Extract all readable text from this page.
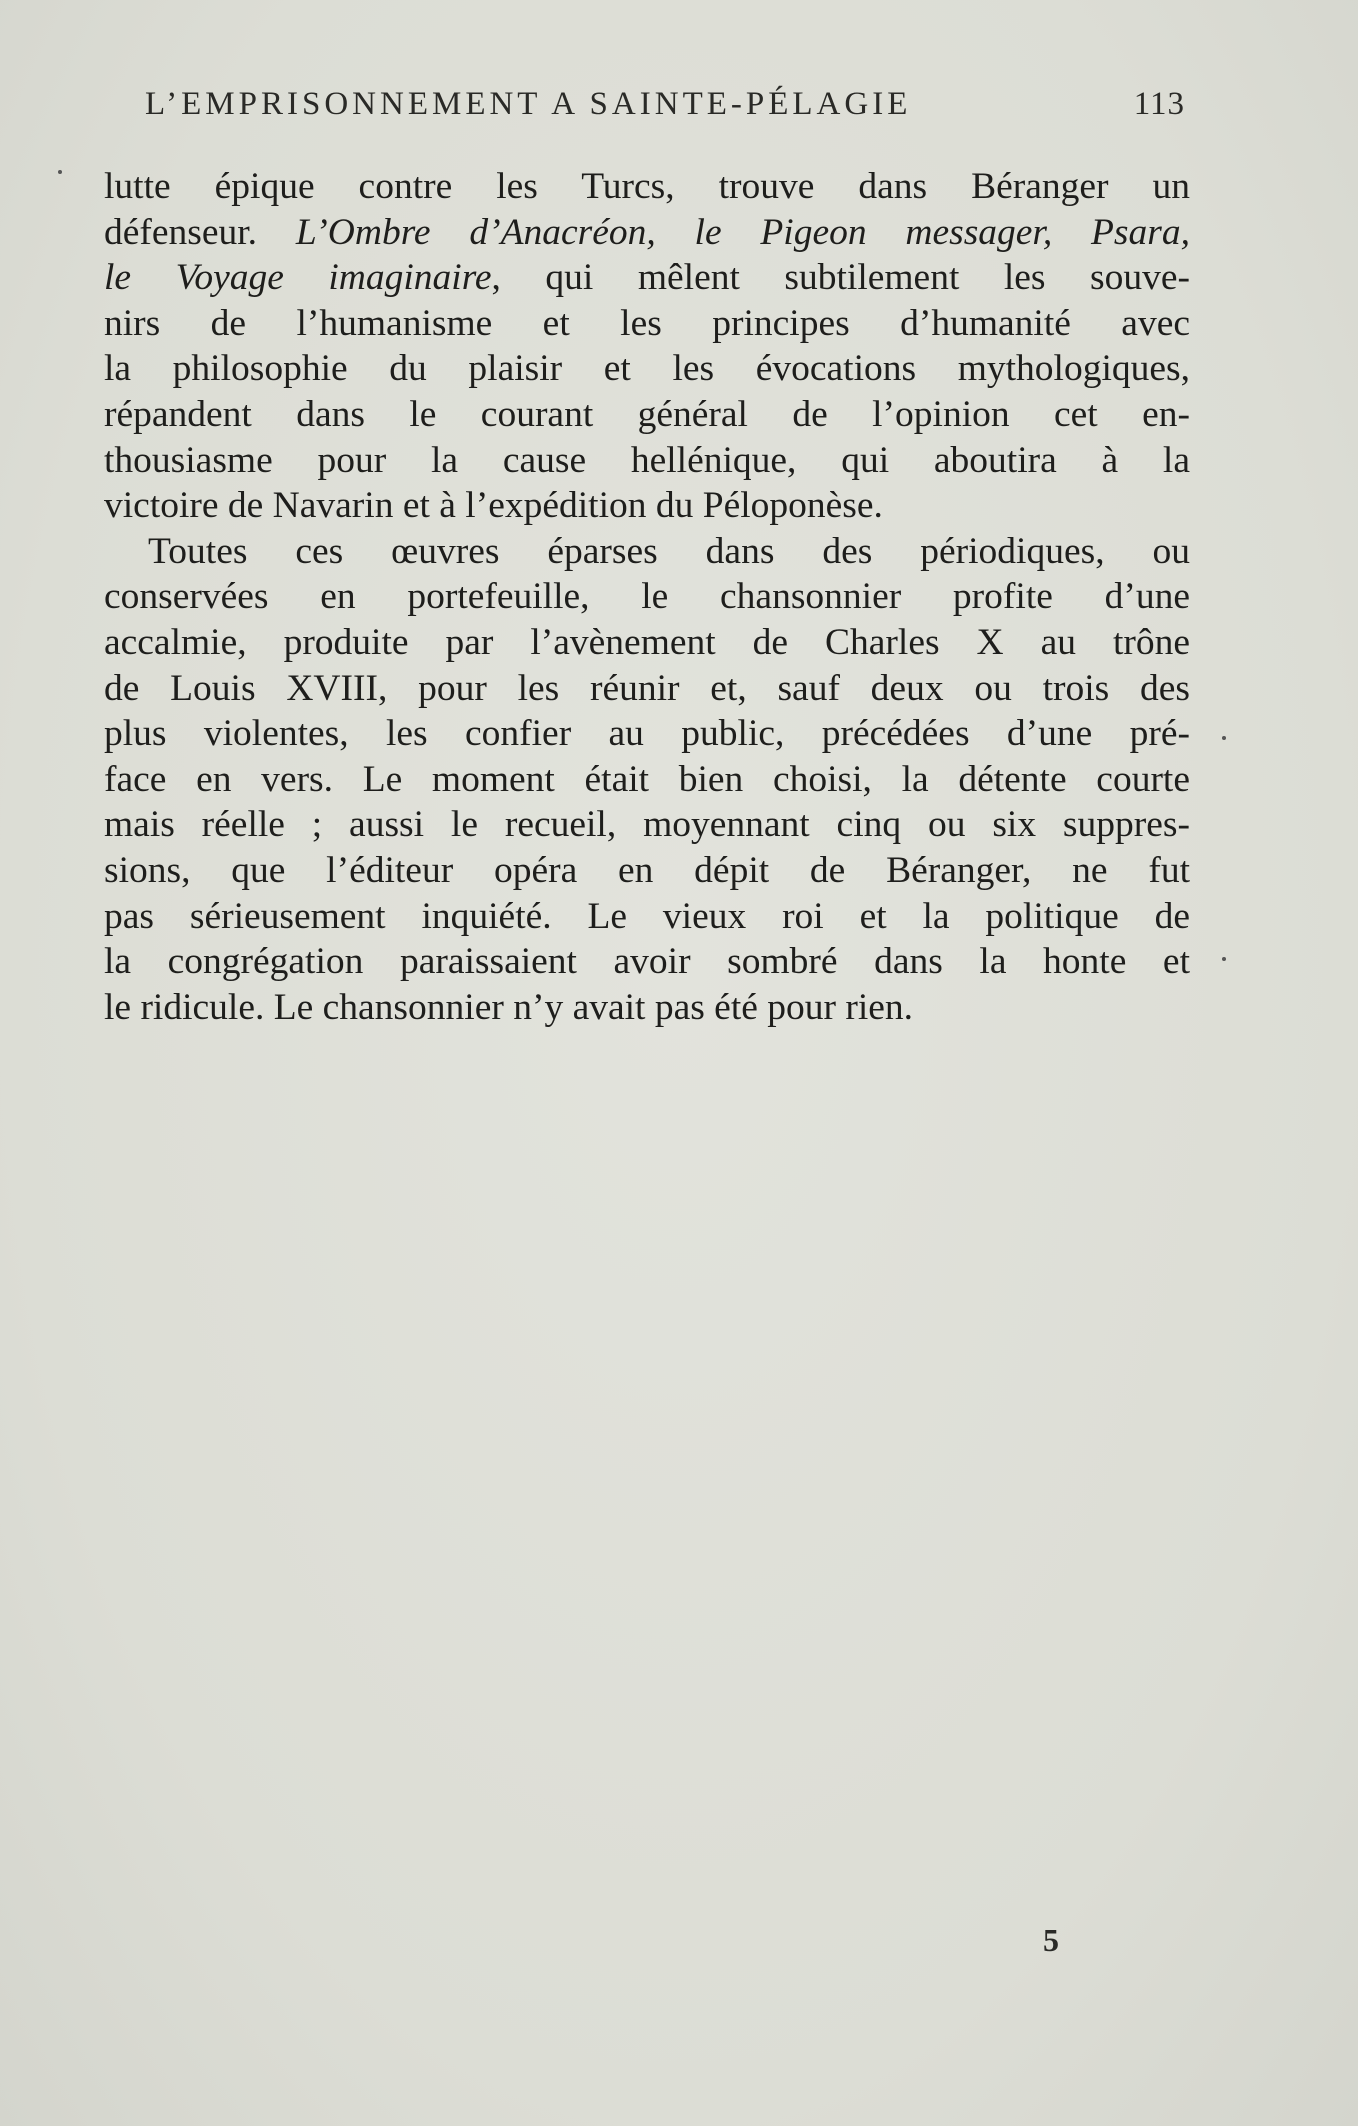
L’EMPRISONNEMENT A SAINTE-PÉLAGIE	113
lutte épique contre les Turcs, trouve dans Béranger un
défenseur. L’Ombre d’Anacréon, le Pigeon messager, Psara,
le Voyage imaginaire, qui mêlent subtilement les souve-
nirs de l’humanisme et les principes d’humanité avec
la philosophie du plaisir et les évocations mythologiques,
répandent dans le courant général de l’opinion cet en-
thousiasme pour la cause hellénique, qui aboutira à la
victoire de Navarin et à l’expédition du Péloponèse.
Toutes ces œuvres éparses dans des périodiques, ou
conservées en portefeuille, le chansonnier profite d’une
accalmie, produite par l’avènement de Charles X au trône
de Louis XVIII, pour les réunir et, sauf deux ou trois des
plus violentes, les confier au public, précédées d’une pré-
face en vers. Le moment était bien choisi, la détente courte
mais réelle ; aussi le recueil, moyennant cinq ou six suppres-
sions, que l’éditeur opéra en dépit de Béranger, ne fut
pas sérieusement inquiété. Le vieux roi et la politique de
la congrégation paraissaient avoir sombré dans la honte et
le ridicule. Le chansonnier n’y avait pas été pour rien.
5
